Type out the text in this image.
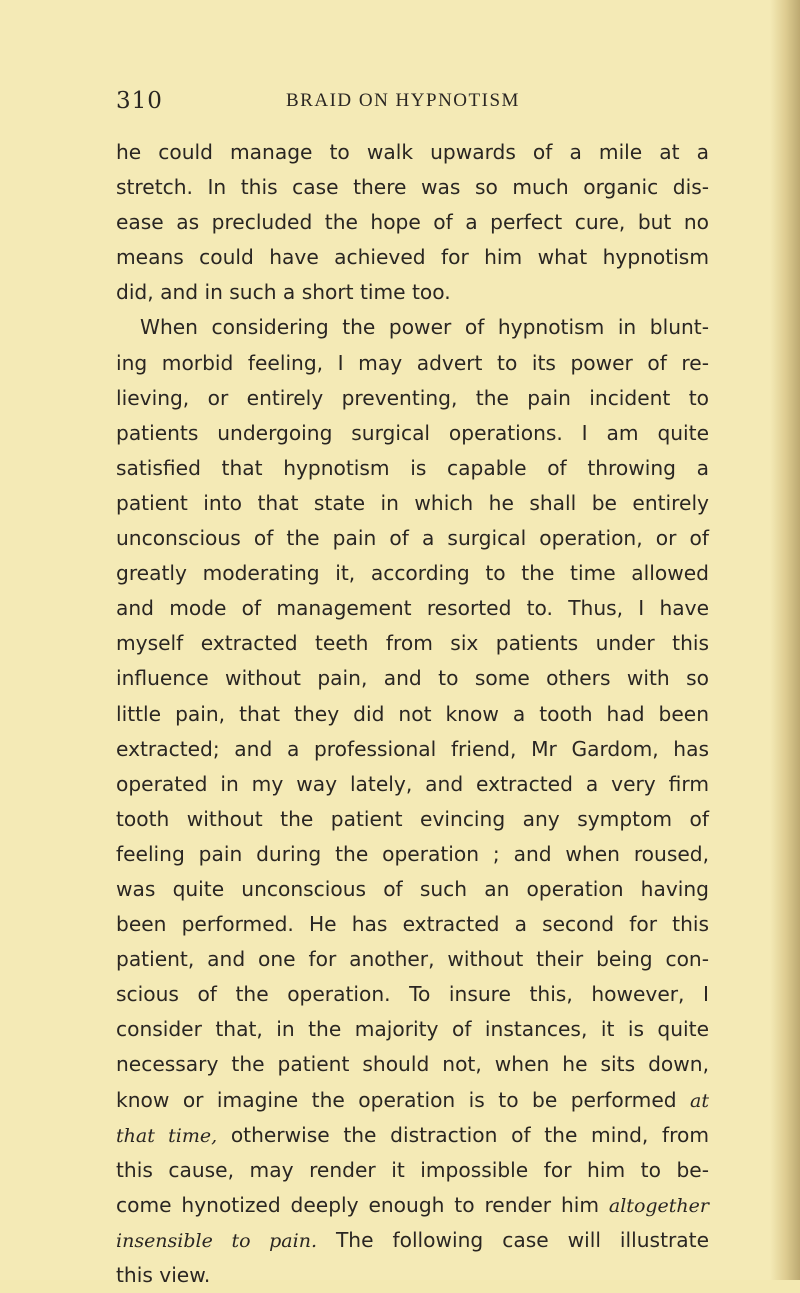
310	BRAID ON HYPNOTISM
he could manage to walk upwards of a mile at a
stretch. In this case there was so much organic dis-
ease as precluded the hope of a perfect cure, but no
means could have achieved for him what hypnotism
did, and in such a short time too.
When considering the power of hypnotism in blunt-
ing morbid feeling, I may advert to its power of re-
lieving, or entirely preventing, the pain incident to
patients undergoing surgical operations. I am quite
satisfied that hypnotism is capable of throwing a
patient into that state in which he shall be entirely
unconscious of the pain of a surgical operation, or of
greatly moderating it, according to the time allowed
and mode of management resorted to. Thus, I have
myself extracted teeth from six patients under this
influence without pain, and to some others with so
little pain, that they did not know a tooth had been
extracted; and a professional friend, Mr Gardom, has
operated in my way lately, and extracted a very firm
tooth without the patient evincing any symptom of
feeling pain during the operation ; and when roused,
was quite unconscious of such an operation having
been performed. He has extracted a second for this
patient, and one for another, without their being con-
scious of the operation. To insure this, however, I
consider that, in the majority of instances, it is quite
necessary the patient should not, when he sits down,
know or imagine the operation is to be performed at
that time, otherwise the distraction of the mind, from
this cause, may render it impossible for him to be-
come hynotized deeply enough to render him altogether
insensible to pain. The following case will illustrate
this view.
